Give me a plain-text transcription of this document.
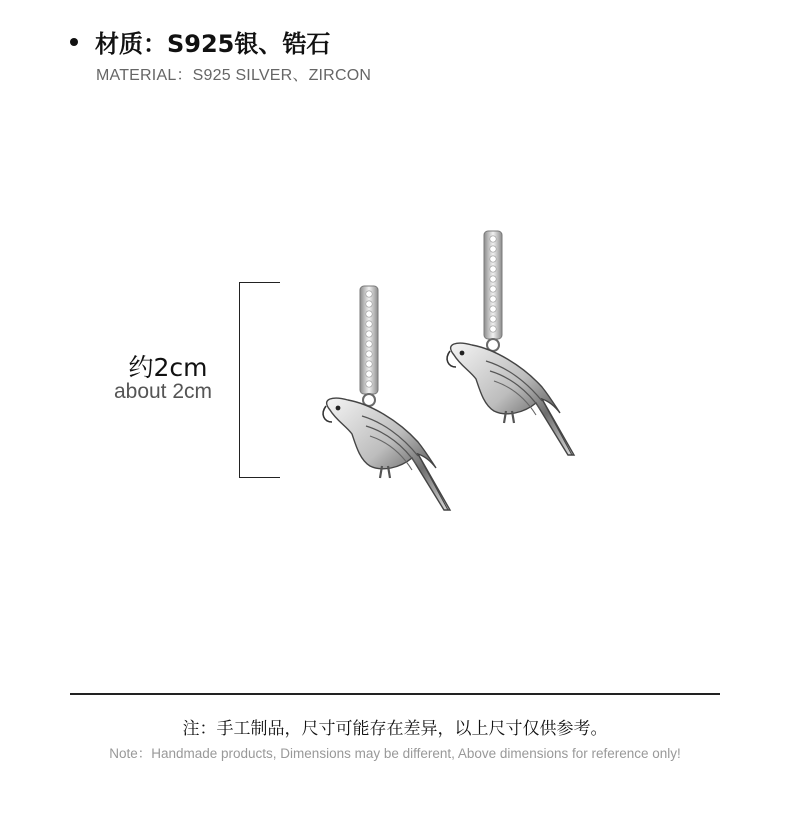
材质：S925银、锆石
MATERIAL：S925 SILVER、ZIRCON
约2cm
about 2cm
注：手工制品，尺寸可能存在差异，以上尺寸仅供参考。
Note：Handmade products, Dimensions may be different, Above dimensions for reference only!
